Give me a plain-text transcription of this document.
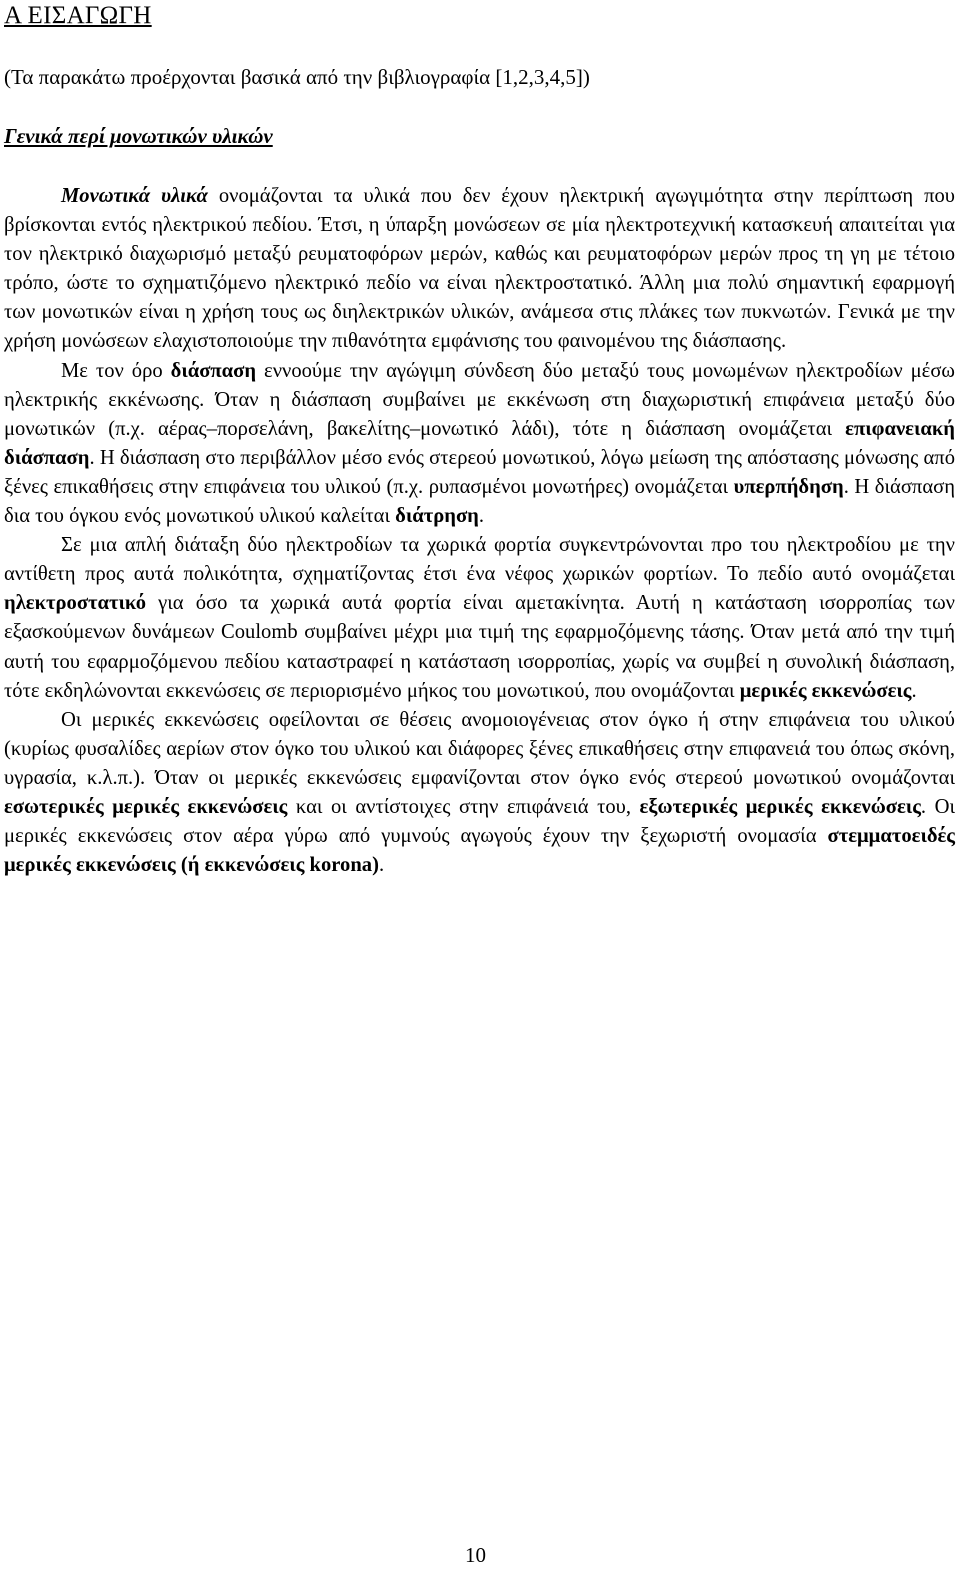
Α ΕΙΣΑΓΩΓΗ

(Τα παρακάτω προέρχονται βασικά από την βιβλιογραφία [1,2,3,4,5])

Γενικά περί μονωτικών υλικών

Μονωτικά υλικά ονομάζονται τα υλικά που δεν έχουν ηλεκτρική αγωγιμότητα στην περίπτωση που βρίσκονται εντός ηλεκτρικού πεδίου. Έτσι, η ύπαρξη μονώσεων σε μία ηλεκτροτεχνική κατασκευή απαιτείται για τον ηλεκτρικό διαχωρισμό μεταξύ ρευματοφόρων μερών, καθώς και ρευματοφόρων μερών προς τη γη με τέτοιο τρόπο, ώστε το σχηματιζόμενο ηλεκτρικό πεδίο να είναι ηλεκτροστατικό. Άλλη μια πολύ σημαντική εφαρμογή των μονωτικών είναι η χρήση τους ως διηλεκτρικών υλικών, ανάμεσα στις πλάκες των πυκνωτών. Γενικά με την χρήση μονώσεων ελαχιστοποιούμε την πιθανότητα εμφάνισης του φαινομένου της διάσπασης.

Με τον όρο διάσπαση εννοούμε την αγώγιμη σύνδεση δύο μεταξύ τους μονωμένων ηλεκτροδίων μέσω ηλεκτρικής εκκένωσης. Όταν η διάσπαση συμβαίνει με εκκένωση στη διαχωριστική επιφάνεια μεταξύ δύο μονωτικών (π.χ. αέρας–πορσελάνη, βακελίτης–μονωτικό λάδι), τότε η διάσπαση ονομάζεται επιφανειακή διάσπαση. Η διάσπαση στο περιβάλλον μέσο ενός στερεού μονωτικού, λόγω μείωση της απόστασης μόνωσης από ξένες επικαθήσεις στην επιφάνεια του υλικού (π.χ. ρυπασμένοι μονωτήρες) ονομάζεται υπερπήδηση. Η διάσπαση δια του όγκου ενός μονωτικού υλικού καλείται διάτρηση.

Σε μια απλή διάταξη δύο ηλεκτροδίων τα χωρικά φορτία συγκεντρώνονται προ του ηλεκτροδίου με την αντίθετη προς αυτά πολικότητα, σχηματίζοντας έτσι ένα νέφος χωρικών φορτίων. Το πεδίο αυτό ονομάζεται ηλεκτροστατικό για όσο τα χωρικά αυτά φορτία είναι αμετακίνητα. Αυτή η κατάσταση ισορροπίας των εξασκούμενων δυνάμεων Coulomb συμβαίνει μέχρι μια τιμή της εφαρμοζόμενης τάσης. Όταν μετά από την τιμή αυτή του εφαρμοζόμενου πεδίου καταστραφεί η κατάσταση ισορροπίας, χωρίς να συμβεί η συνολική διάσπαση, τότε εκδηλώνονται εκκενώσεις σε περιορισμένο μήκος του μονωτικού, που ονομάζονται μερικές εκκενώσεις.

Οι μερικές εκκενώσεις οφείλονται σε θέσεις ανομοιογένειας στον όγκο ή στην επιφάνεια του υλικού (κυρίως φυσαλίδες αερίων στον όγκο του υλικού και διάφορες ξένες επικαθήσεις στην επιφανειά του όπως σκόνη, υγρασία, κ.λ.π.). Όταν οι μερικές εκκενώσεις εμφανίζονται στον όγκο ενός στερεού μονωτικού ονομάζονται εσωτερικές μερικές εκκενώσεις και οι αντίστοιχες στην επιφάνειά του, εξωτερικές μερικές εκκενώσεις. Οι μερικές εκκενώσεις στον αέρα γύρω από γυμνούς αγωγούς έχουν την ξεχωριστή ονομασία στεμματοειδές μερικές εκκενώσεις (ή εκκενώσεις korona).

10
